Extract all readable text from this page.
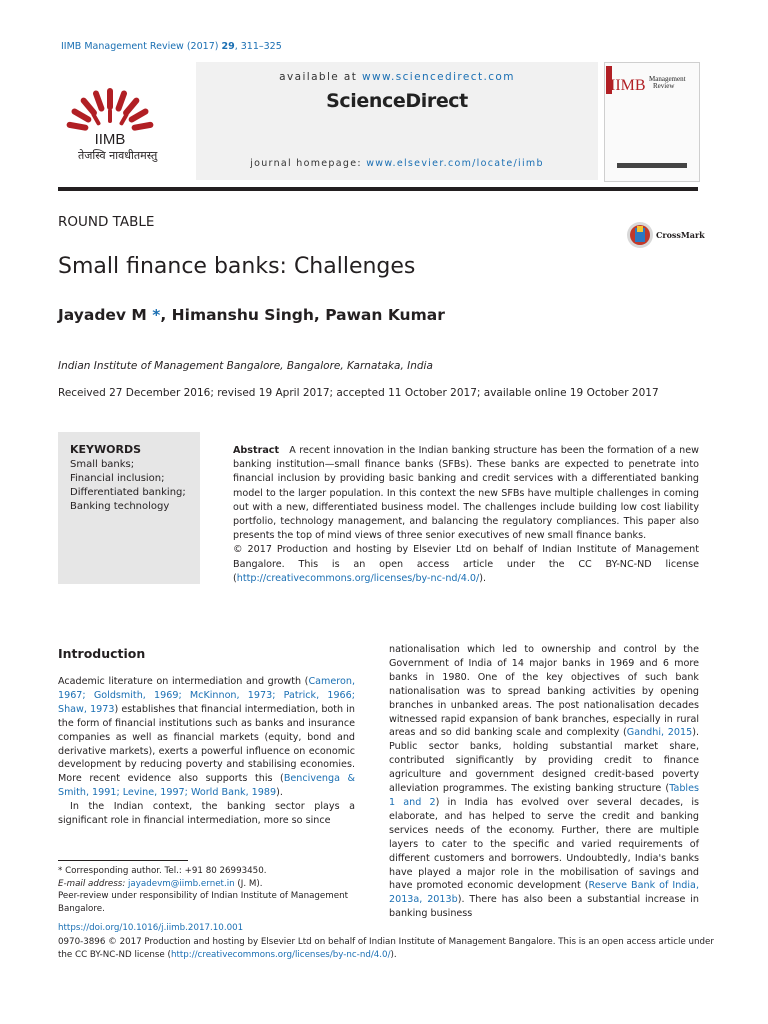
IIMB Management Review (2017) 29, 311–325
IIMB
तेजस्वि नावधीतमस्तु
available at www.sciencedirect.com
ScienceDirect
journal homepage: www.elsevier.com/locate/iimb
IIMB Management
Review
ROUND TABLE
CrossMark
Small finance banks: Challenges
Jayadev M *, Himanshu Singh, Pawan Kumar
Indian Institute of Management Bangalore, Bangalore, Karnataka, India
Received 27 December 2016; revised 19 April 2017; accepted 11 October 2017; available online 19 October 2017
KEYWORDS
Small banks;
Financial inclusion;
Differentiated banking;
Banking technology

Abstract A recent innovation in the Indian banking structure has been the formation of a new banking institution—small finance banks (SFBs). These banks are expected to penetrate into financial inclusion by providing basic banking and credit services with a differentiated banking model to the larger population. In this context the new SFBs have multiple challenges in coming out with a new, differentiated business model. The challenges include building low cost liability portfolio, technology management, and balancing the regulatory compliances. This paper also presents the top of mind views of three senior executives of new small finance banks.

© 2017 Production and hosting by Elsevier Ltd on behalf of Indian Institute of Management Bangalore. This is an open access article under the CC BY-NC-ND license (http://creativecommons.org/licenses/by-nc-nd/4.0/).

Introduction

Academic literature on intermediation and growth (Cameron, 1967; Goldsmith, 1969; McKinnon, 1973; Patrick, 1966; Shaw, 1973) establishes that financial intermediation, both in the form of financial institutions such as banks and insurance companies as well as financial markets (equity, bond and derivative markets), exerts a powerful influence on economic development by reducing poverty and stabilising economies. More recent evidence also supports this (Bencivenga & Smith, 1991; Levine, 1997; World Bank, 1989).

In the Indian context, the banking sector plays a significant role in financial intermediation, more so since

nationalisation which led to ownership and control by the Government of India of 14 major banks in 1969 and 6 more banks in 1980. One of the key objectives of such bank nationalisation was to spread banking activities by opening branches in unbanked areas. The post nationalisation decades witnessed rapid expansion of bank branches, especially in rural areas and so did banking scale and complexity (Gandhi, 2015). Public sector banks, holding substantial market share, contributed significantly by providing credit to finance agriculture and government designed credit-based poverty alleviation programmes. The existing banking structure (Tables 1 and 2) in India has evolved over several decades, is elaborate, and has helped to serve the credit and banking services needs of the economy. Further, there are multiple layers to cater to the specific and varied requirements of different customers and borrowers. Undoubtedly, India's banks have played a major role in the mobilisation of savings and have promoted economic development (Reserve Bank of India, 2013a, 2013b). There has also been a substantial increase in banking business

* Corresponding author. Tel.: +91 80 26993450.
E-mail address: jayadevm@iimb.ernet.in (J. M).
Peer-review under responsibility of Indian Institute of Management Bangalore.
https://doi.org/10.1016/j.iimb.2017.10.001
0970-3896 © 2017 Production and hosting by Elsevier Ltd on behalf of Indian Institute of Management Bangalore. This is an open access article under the CC BY-NC-ND license (http://creativecommons.org/licenses/by-nc-nd/4.0/).
